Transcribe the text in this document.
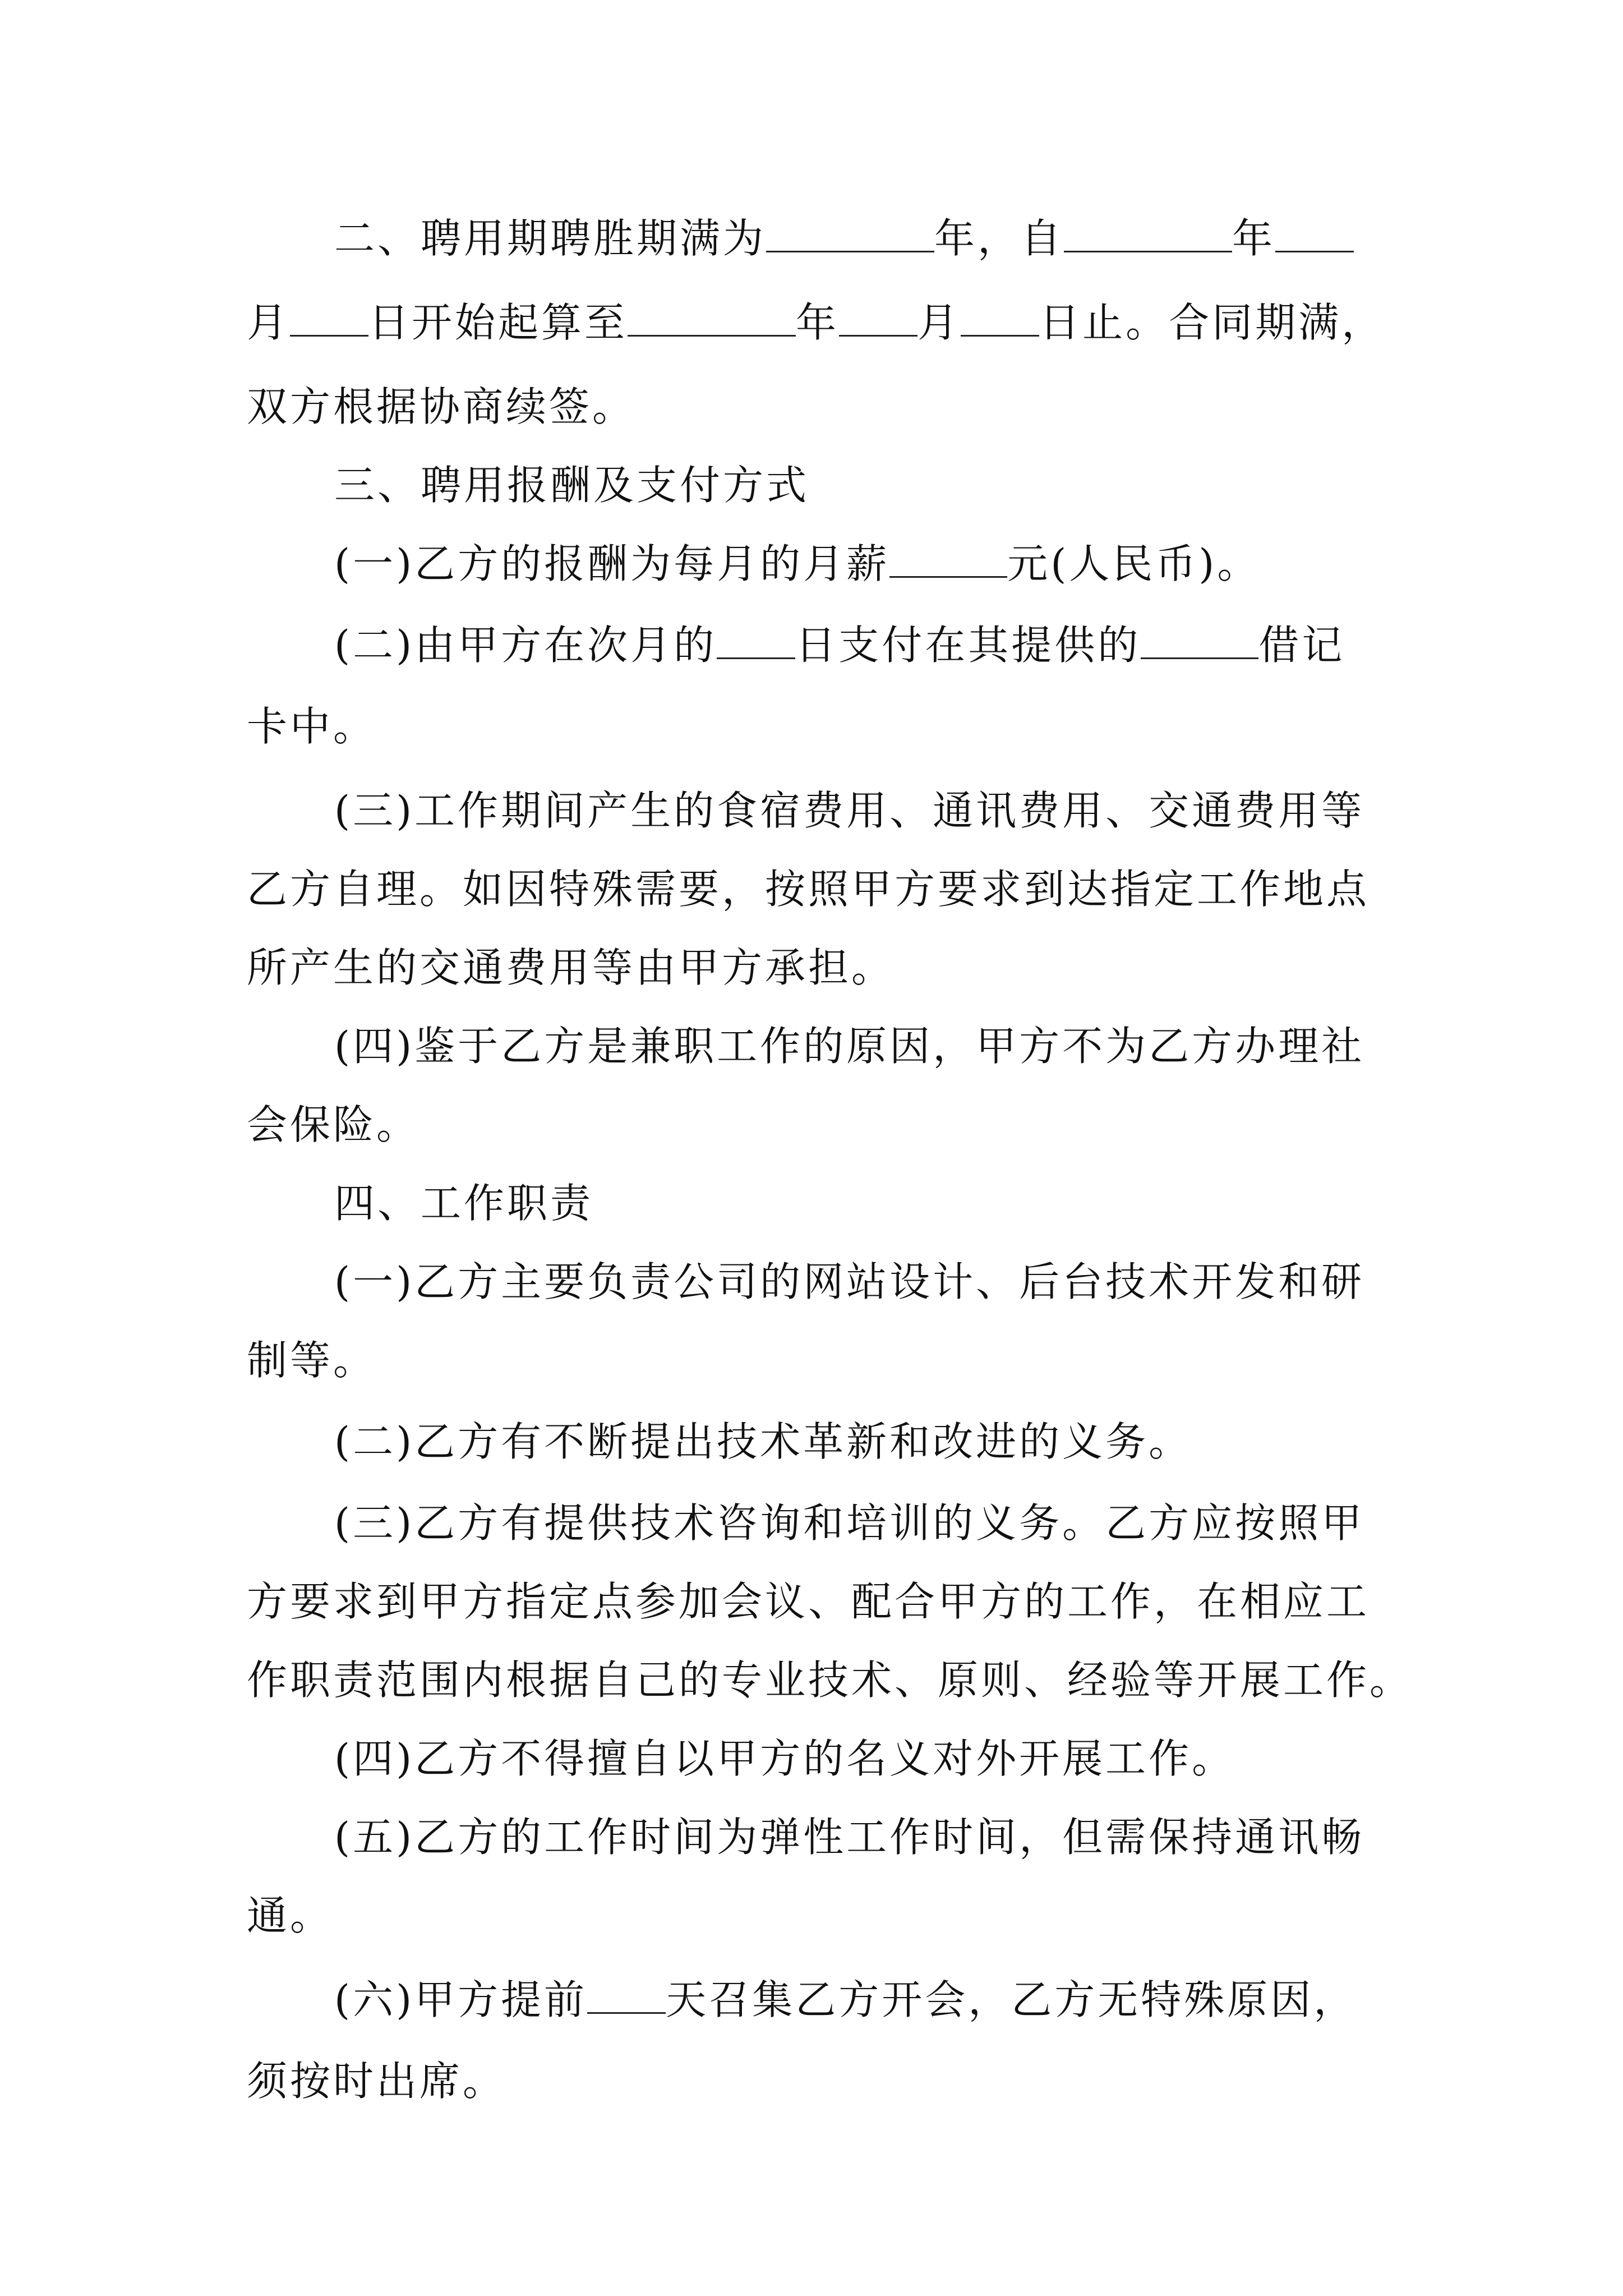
二、聘用期聘胜期满为	年，自	年
月 日开始起算至	年 月 日止。合同期满，
双方根据协商续签。
三、聘用报酬及支付方式
(一)乙方的报酬为每月的月薪	元(人民币)。
(二)由甲方在次月的 日支付在其提供的	借记
卡中。
(三)工作期间产生的食宿费用、通讯费用、交通费用等
乙方自理。如因特殊需要，按照甲方要求到达指定工作地点
所产生的交通费用等由甲方承担。
(四)鉴于乙方是兼职工作的原因，甲方不为乙方办理社
会保险。
四、工作职责
(一)乙方主要负责公司的网站设计、后台技术开发和研
制等。
(二)乙方有不断提出技术革新和改进的义务。
(三)乙方有提供技术咨询和培训的义务。乙方应按照甲
方要求到甲方指定点参加会议、配合甲方的工作，在相应工
作职责范围内根据自己的专业技术、原则、经验等开展工作。
(四)乙方不得擅自以甲方的名义对外开展工作。
(五)乙方的工作时间为弹性工作时间，但需保持通讯畅
通。
(六)甲方提前 天召集乙方开会，乙方无特殊原因，
须按时出席。
